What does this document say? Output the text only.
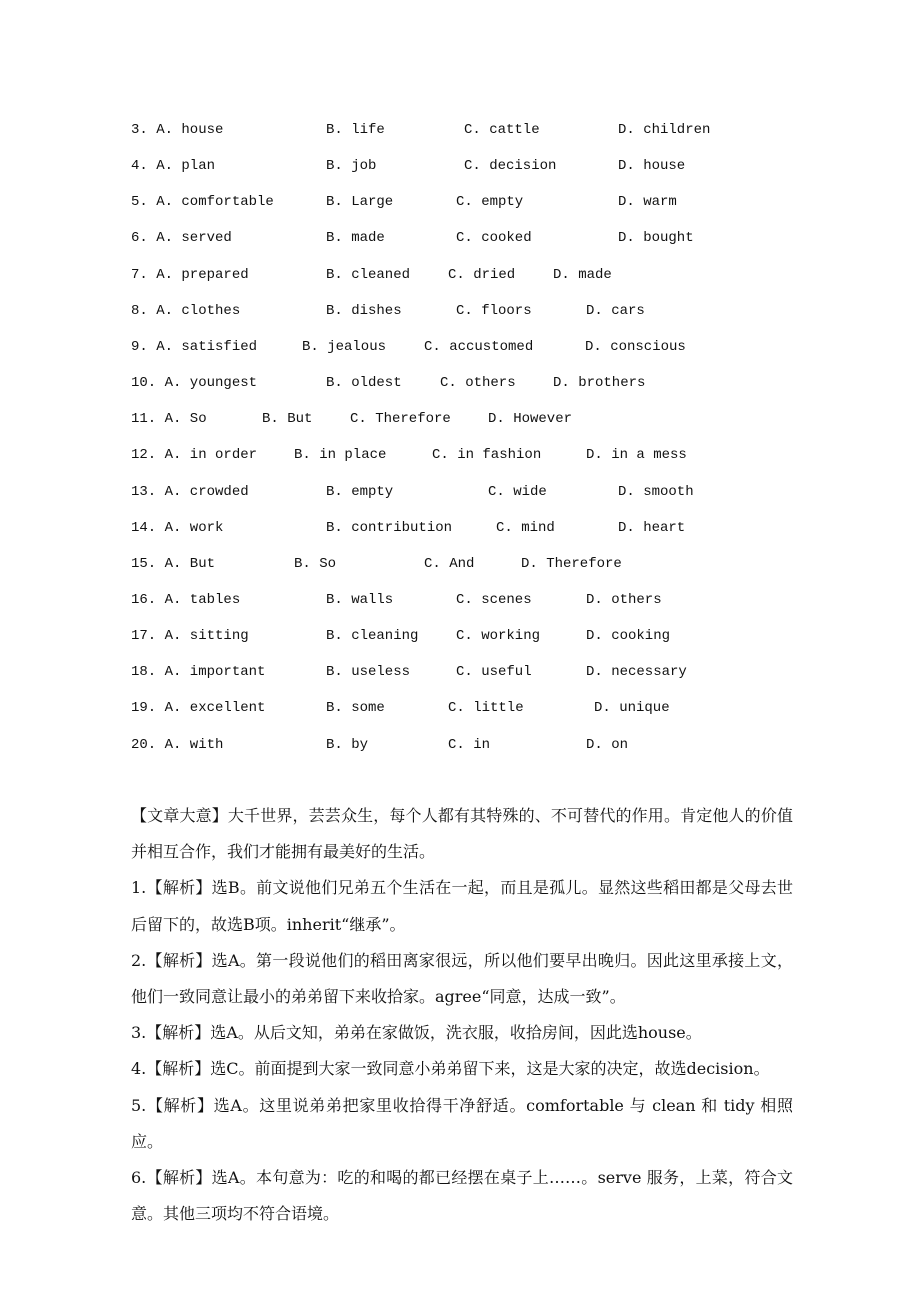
3. A. house	B. life	C. cattle	D. children
4. A. plan	B. job	C. decision	D. house
5. A. comfortable	B. Large	C. empty	D. warm
6. A. served	B. made	C. cooked	D. bought
7. A. prepared	B. cleaned	C. dried	D. made
8. A. clothes	B. dishes	C. floors	D. cars
9. A. satisfied	B. jealous	C. accustomed	D. conscious
10. A. youngest	B. oldest	C. others	D. brothers
11. A. So	B. But	C. Therefore	D. However
12. A. in order	B. in place	C. in fashion	D. in a mess
13. A. crowded	B. empty	C. wide	D. smooth
14. A. work	B. contribution	C. mind	D. heart
15. A. But	B. So	C. And	D. Therefore
16. A. tables	B. walls	C. scenes	D. others
17. A. sitting	B. cleaning	C. working	D. cooking
18. A. important	B. useless	C. useful	D. necessary
19. A. excellent	B. some	C. little	D. unique
20. A. with	B. by	C. in	D. on
【文章大意】大千世界，芸芸众生，每个人都有其特殊的、不可替代的作用。肯定他人的价值并相互合作，我们才能拥有最美好的生活。
1.【解析】选B。前文说他们兄弟五个生活在一起，而且是孤儿。显然这些稻田都是父母去世后留下的，故选B项。inherit“继承”。
2.【解析】选A。第一段说他们的稻田离家很远，所以他们要早出晚归。因此这里承接上文，他们一致同意让最小的弟弟留下来收拾家。agree“同意，达成一致”。
3.【解析】选A。从后文知，弟弟在家做饭，洗衣服，收拾房间，因此选house。
4.【解析】选C。前面提到大家一致同意小弟弟留下来，这是大家的决定，故选decision。
5.【解析】选A。这里说弟弟把家里收拾得干净舒适。comfortable 与 clean 和 tidy 相照应。
6.【解析】选A。本句意为：吃的和喝的都已经摆在桌子上……。serve 服务，上菜，符合文意。其他三项均不符合语境。
